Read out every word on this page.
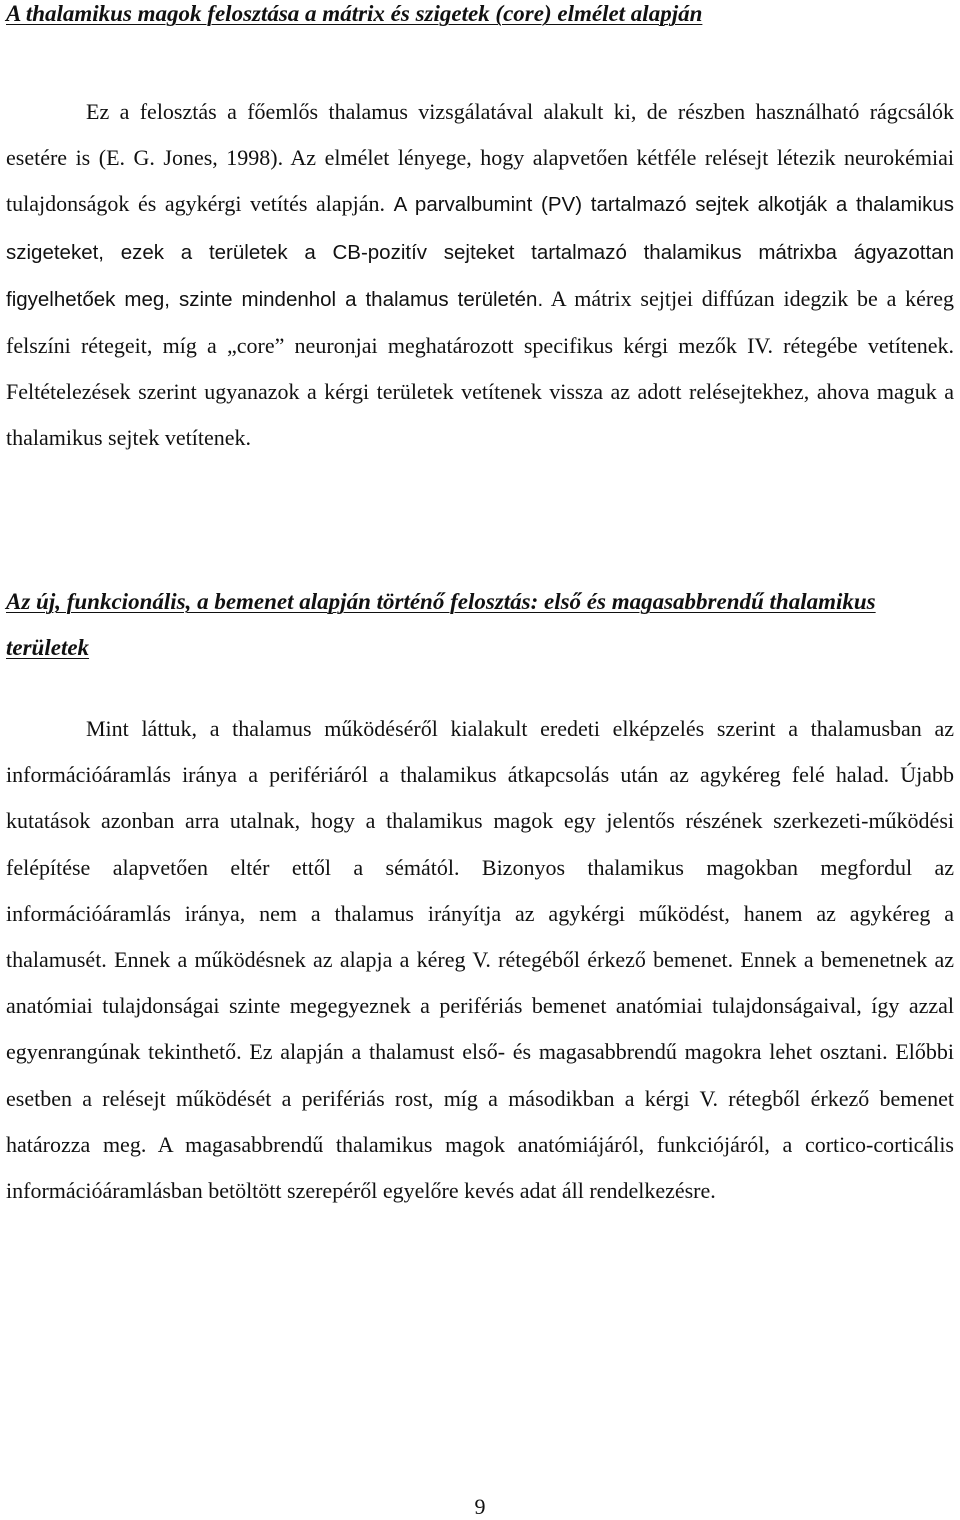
A thalamikus magok felosztása a mátrix és szigetek (core) elmélet alapján

Ez a felosztás a főemlős thalamus vizsgálatával alakult ki, de részben használható rágcsálók esetére is (E. G. Jones, 1998). Az elmélet lényege, hogy alapvetően kétféle relésejt létezik neurokémiai tulajdonságok és agykérgi vetítés alapján. A parvalbumint (PV) tartalmazó sejtek alkotják a thalamikus szigeteket, ezek a területek a CB-pozitív sejteket tartalmazó thalamikus mátrixba ágyazottan figyelhetőek meg, szinte mindenhol a thalamus területén. A mátrix sejtjei diffúzan idegzik be a kéreg felszíni rétegeit, míg a „core” neuronjai meghatározott specifikus kérgi mezők IV. rétegébe vetítenek. Feltételezések szerint ugyanazok a kérgi területek vetítenek vissza az adott relésejtekhez, ahova maguk a thalamikus sejtek vetítenek.

Az új, funkcionális, a bemenet alapján történő felosztás: első és magasabbrendű thalamikus területek

Mint láttuk, a thalamus működéséről kialakult eredeti elképzelés szerint a thalamusban az információáramlás iránya a perifériáról a thalamikus átkapcsolás után az agykéreg felé halad. Újabb kutatások azonban arra utalnak, hogy a thalamikus magok egy jelentős részének szerkezeti-működési felépítése alapvetően eltér ettől a sémától. Bizonyos thalamikus magokban megfordul az információáramlás iránya, nem a thalamus irányítja az agykérgi működést, hanem az agykéreg a thalamusét. Ennek a működésnek az alapja a kéreg V. rétegéből érkező bemenet. Ennek a bemenetnek az anatómiai tulajdonságai szinte megegyeznek a perifériás bemenet anatómiai tulajdonságaival, így azzal egyenrangúnak tekinthető. Ez alapján a thalamust első- és magasabbrendű magokra lehet osztani. Előbbi esetben a relésejt működését a perifériás rost, míg a másodikban a kérgi V. rétegből érkező bemenet határozza meg. A magasabbrendű thalamikus magok anatómiájáról, funkciójáról, a cortico-corticális információáramlásban betöltött szerepéről egyelőre kevés adat áll rendelkezésre.

9
